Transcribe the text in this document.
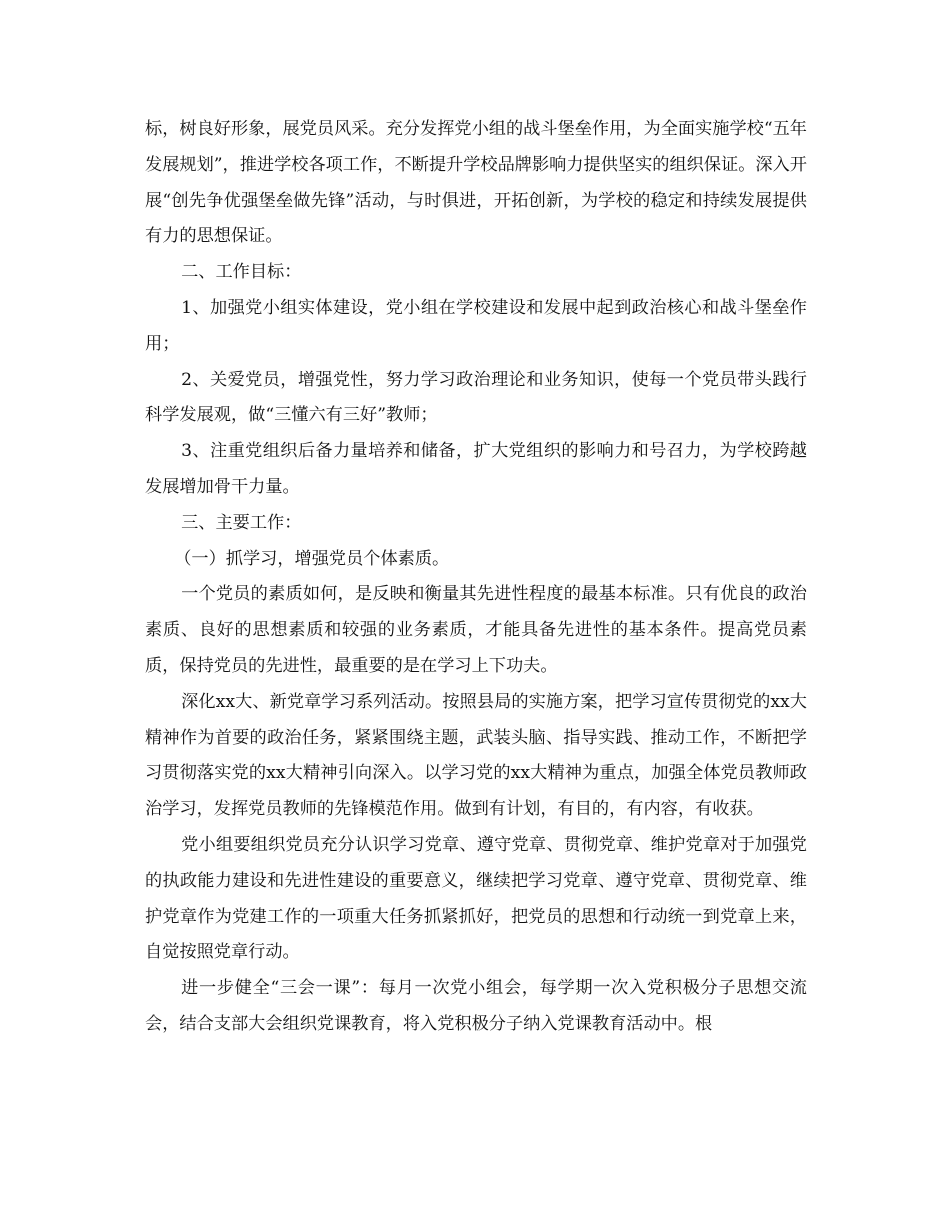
标，树良好形象，展党员风采。充分发挥党小组的战斗堡垒作用，为全面实施学校“五年发展规划”，推进学校各项工作，不断提升学校品牌影响力提供坚实的组织保证。深入开展“创先争优强堡垒做先锋”活动，与时俱进，开拓创新，为学校的稳定和持续发展提供有力的思想保证。

二、工作目标：

1、加强党小组实体建设，党小组在学校建设和发展中起到政治核心和战斗堡垒作用；

2、关爱党员，增强党性，努力学习政治理论和业务知识，使每一个党员带头践行科学发展观，做“三懂六有三好”教师；

3、注重党组织后备力量培养和储备，扩大党组织的影响力和号召力，为学校跨越发展增加骨干力量。

三、主要工作：

（一）抓学习，增强党员个体素质。

一个党员的素质如何，是反映和衡量其先进性程度的最基本标准。只有优良的政治素质、良好的思想素质和较强的业务素质，才能具备先进性的基本条件。提高党员素质，保持党员的先进性，最重要的是在学习上下功夫。

深化xx大、新党章学习系列活动。按照县局的实施方案，把学习宣传贯彻党的xx大精神作为首要的政治任务，紧紧围绕主题，武装头脑、指导实践、推动工作，不断把学习贯彻落实党的xx大精神引向深入。以学习党的xx大精神为重点，加强全体党员教师政治学习，发挥党员教师的先锋模范作用。做到有计划，有目的，有内容，有收获。

党小组要组织党员充分认识学习党章、遵守党章、贯彻党章、维护党章对于加强党的执政能力建设和先进性建设的重要意义，继续把学习党章、遵守党章、贯彻党章、维护党章作为党建工作的一项重大任务抓紧抓好，把党员的思想和行动统一到党章上来，自觉按照党章行动。

进一步健全“三会一课”：每月一次党小组会，每学期一次入党积极分子思想交流会，结合支部大会组织党课教育，将入党积极分子纳入党课教育活动中。根
